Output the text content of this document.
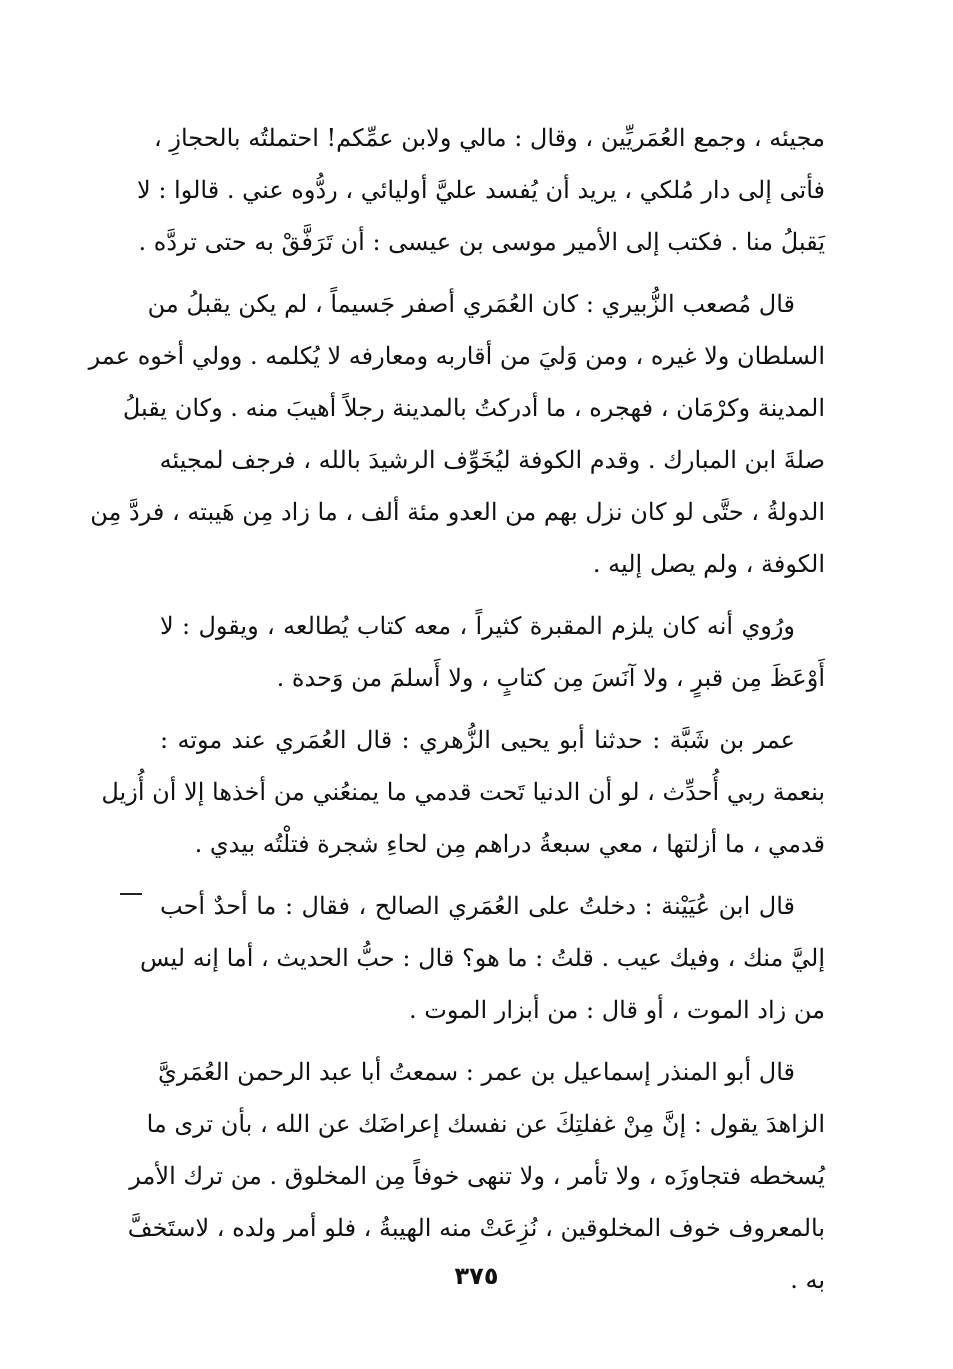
مجيئه ، وجمع العُمَريِّين ، وقال : مالي ولابن عمِّكم! احتملتُه بالحجازِ ،
فأتى إلى دار مُلكي ، يريد أن يُفسد عليَّ أوليائي ، ردُّوه عني . قالوا : لا
يَقبلُ منا . فكتب إلى الأمير موسى بن عيسى : أن تَرَفَّقْ به حتى تردَّه .

قال مُصعب الزُّبيري : كان العُمَري أصفر جَسيماً ، لم يكن يقبلُ من
السلطان ولا غيره ، ومن وَليَ من أقاربه ومعارفه لا يُكلمه . وولي أخوه عمر
المدينة وكرْمَان ، فهجره ، ما أدركتُ بالمدينة رجلاً أهيبَ منه . وكان يقبلُ
صلةَ ابن المبارك . وقدم الكوفة ليُخَوِّف الرشيدَ بالله ، فرجف لمجيئه
الدولةُ ، حتَّى لو كان نزل بهم من العدو مئة ألف ، ما زاد مِن هَيبته ، فردَّ مِن
الكوفة ، ولم يصل إليه .

ورُوي أنه كان يلزم المقبرة كثيراً ، معه كتاب يُطالعه ، ويقول : لا
أَوْعَظَ مِن قبرٍ ، ولا آنَسَ مِن كتابٍ ، ولا أَسلمَ من وَحدة .

عمر بن شَبَّة : حدثنا أبو يحيى الزُّهري : قال العُمَري عند موته :
بنعمة ربي أُحدِّث ، لو أن الدنيا تَحت قدمي ما يمنعُني من أخذها إلا أن أُزيل
قدمي ، ما أزلتها ، معي سبعةُ دراهم مِن لحاءِ شجرة فتلْتُه بيدي .

قال ابن عُيَيْنة : دخلتُ على العُمَري الصالح ، فقال : ما أحدٌ أحب
إليَّ منك ، وفيك عيب . قلتُ : ما هو؟ قال : حبُّ الحديث ، أما إنه ليس
من زاد الموت ، أو قال : من أبزار الموت .

قال أبو المنذر إسماعيل بن عمر : سمعتُ أبا عبد الرحمن العُمَريَّ
الزاهدَ يقول : إنَّ مِنْ غفلتِكَ عن نفسك إعراضَك عن الله ، بأن ترى ما
يُسخطه فتجاوزَه ، ولا تأمر ، ولا تنهى خوفاً مِن المخلوق . من ترك الأمر
بالمعروف خوف المخلوقين ، نُزِعَتْ منه الهيبةُ ، فلو أمر ولده ، لاستَخفَّ
به .

٣٧٥
